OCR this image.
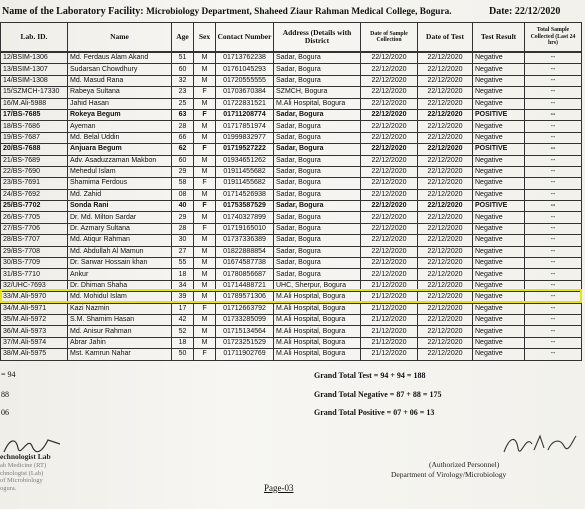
Name of the Laboratory Facility: Microbiology Department, Shaheed Ziaur Rahman Medical College, Bogura.	Date: 22/12/2020
Lab. ID.	Name	Age	Sex	Contact Number	Address (Details with District	Date of Sample Collection	Date of Test	Test Result	Total Sample Collected (Last 24 hrs)
12/BSIM-1306	Md. Ferdaus Alam Akand	51	M	01713762238	Sadar, Bogura	22/12/2020	22/12/2020	Negative	--
13/BSIM-1307	Sudarsan Chowdhury	60	M	01761045293	Sadar, Bogura	22/12/2020	22/12/2020	Negative	--
14/BSIM-1308	Md. Masud Rana	32	M	01720555555	Sadar, Bogura	22/12/2020	22/12/2020	Negative	--
15/SZMCH-17330	Rabeya Sultana	23	F	01703670384	SZMCH, Bogura	22/12/2020	22/12/2020	Negative	--
16/M.Ali-5988	Jahid Hasan	25	M	01722831521	M.Ali Hospital, Bogura	22/12/2020	22/12/2020	Negative	--
17/BS-7685	Rokeya Begum	63	F	01711208774	Sadar, Bogura	22/12/2020	22/12/2020	POSITIVE	--
18/BS-7686	Ayeman	28	M	01717851974	Sadar, Bogura	22/12/2020	22/12/2020	Negative	--
19/BS-7687	Md. Belal Uddin	66	M	01999832977	Sadar, Bogura	22/12/2020	22/12/2020	Negative	--
20/BS-7688	Anjuara Begum	62	F	01719527222	Sadar, Bogura	22/12/2020	22/12/2020	POSITIVE	--
21/BS-7689	Adv. Asaduzzaman Makbon	60	M	01934651262	Sadar, Bogura	22/12/2020	22/12/2020	Negative	--
22/BS-7690	Mehedul Islam	29	M	01911455682	Sadar, Bogura	22/12/2020	22/12/2020	Negative	--
23/BS-7691	Shamima Ferdous	58	F	01911455682	Sadar, Bogura	22/12/2020	22/12/2020	Negative	--
24/BS-7692	Md. Zahid	08	M	01714526938	Sadar, Bogura	22/12/2020	22/12/2020	Negative	--
25/BS-7702	Sonda Rani	40	F	01753587529	Sadar, Bogura	22/12/2020	22/12/2020	POSITIVE	--
26/BS-7705	Dr. Md. Milton Sardar	29	M	01740327899	Sadar, Bogura	22/12/2020	22/12/2020	Negative	--
27/BS-7706	Dr. Azmary Sultana	28	F	01719165010	Sadar, Bogura	22/12/2020	22/12/2020	Negative	--
28/BS-7707	Md. Atiqur Rahman	30	M	01737336389	Sadar, Bogura	22/12/2020	22/12/2020	Negative	--
29/BS-7708	Md. Abdullah Al Mamun	27	M	01822888854	Sadar, Bogura	22/12/2020	22/12/2020	Negative	--
30/BS-7709	Dr. Sarwar Hossain khan	55	M	01674587738	Sadar, Bogura	22/12/2020	22/12/2020	Negative	--
31/BS-7710	Ankur	18	M	01780856687	Sadar, Bogura	22/12/2020	22/12/2020	Negative	--
32/UHC-7693	Dr. Dhiman Shaha	34	M	01714488721	UHC, Sherpur, Bogura	21/12/2020	22/12/2020	Negative	--
33/M.Ali-5970	Md. Mohidul Islam	39	M	01789571306	M.Ali Hospital, Bogura	21/12/2020	22/12/2020	Negative	--
34/M.Ali-5971	Kazi Nazmin	17	F	01712663792	M.Ali Hospital, Bogura	21/12/2020	22/12/2020	Negative	--
35/M.Ali-5972	S.M. Shamim Hasan	42	M	01733285099	M.Ali Hospital, Bogura	21/12/2020	22/12/2020	Negative	--
36/M.Ali-5973	Md. Anisur Rahman	52	M	01715134564	M.Ali Hospital, Bogura	21/12/2020	22/12/2020	Negative	--
37/M.Ali-5974	Abrar Jahin	18	M	01723251529	M.Ali Hospital, Bogura	21/12/2020	22/12/2020	Negative	--
38/M.Ali-5975	Mst. Kamrun Nahar	50	F	01711902769	M.Ali Hospital, Bogura	21/12/2020	22/12/2020	Negative	--
= 94
88
06
Grand Total Test = 94 + 94 = 188
Grand Total Negative = 87 + 88 = 175
Grand Total Positive = 07 + 06 = 13
echnologist Lab
ab Medicine (RT)
chnologist (Lab)
of Microbiology
ogura.
(Authorized Personnel)
Department of Virology/Microbiology
Page-03
